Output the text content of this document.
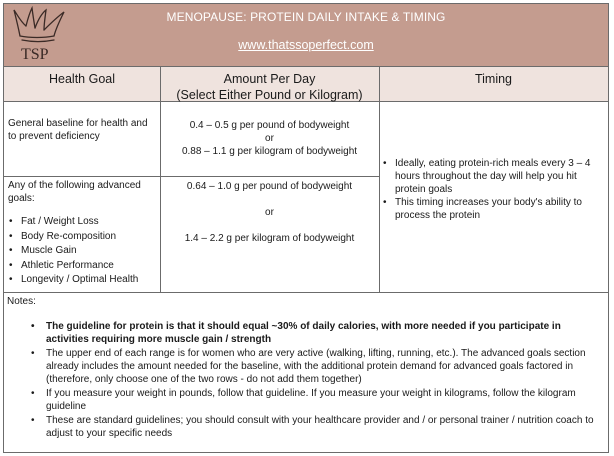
TSP
MENOPAUSE: PROTEIN DAILY INTAKE & TIMING
www.thatssoperfect.com
Health Goal	Amount Per Day
(Select Either Pound or Kilogram)
Timing
General baseline for health and to prevent deficiency
0.4 – 0.5 g per pound of bodyweight
or
0.88 – 1.1 g per kilogram of bodyweight
Any of the following advanced goals:
• Fat / Weight Loss
• Body Re-composition
• Muscle Gain
• Athletic Performance
• Longevity / Optimal Health
0.64 – 1.0 g per pound of bodyweight
or
1.4 – 2.2 g per kilogram of bodyweight
• Ideally, eating protein-rich meals every 3 – 4 hours throughout the day will help you hit protein goals
• This timing increases your body's ability to process the protein
Notes:
• The guideline for protein is that it should equal ~30% of daily calories, with more needed if you participate in activities requiring more muscle gain / strength
• The upper end of each range is for women who are very active (walking, lifting, running, etc.). The advanced goals section already includes the amount needed for the baseline, with the additional protein demand for advanced goals factored in (therefore, only choose one of the two rows - do not add them together)
• If you measure your weight in pounds, follow that guideline. If you measure your weight in kilograms, follow the kilogram guideline
• These are standard guidelines; you should consult with your healthcare provider and / or personal trainer / nutrition coach to adjust to your specific needs
